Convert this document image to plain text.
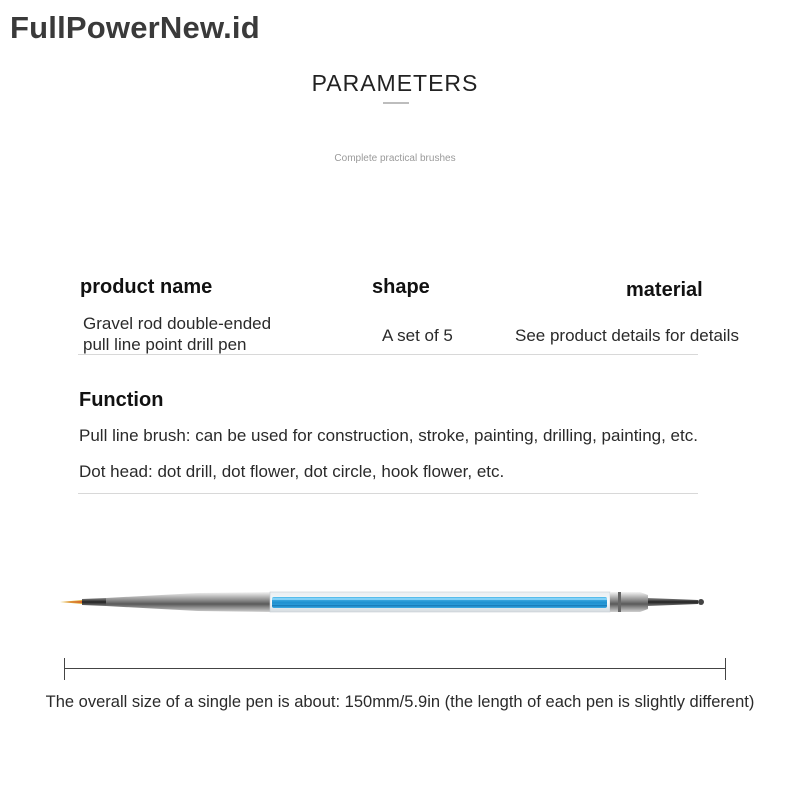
FullPowerNew.id
PARAMETERS
Complete practical brushes
product name	shape	material
Gravel rod double-ended
pull line point drill pen	A set of 5	See product details for details
Function
Pull line brush: can be used for construction, stroke, painting, drilling, painting, etc.
Dot head: dot drill, dot flower, dot circle, hook flower, etc.
The overall size of a single pen is about: 150mm/5.9in (the length of each pen is slightly different)
